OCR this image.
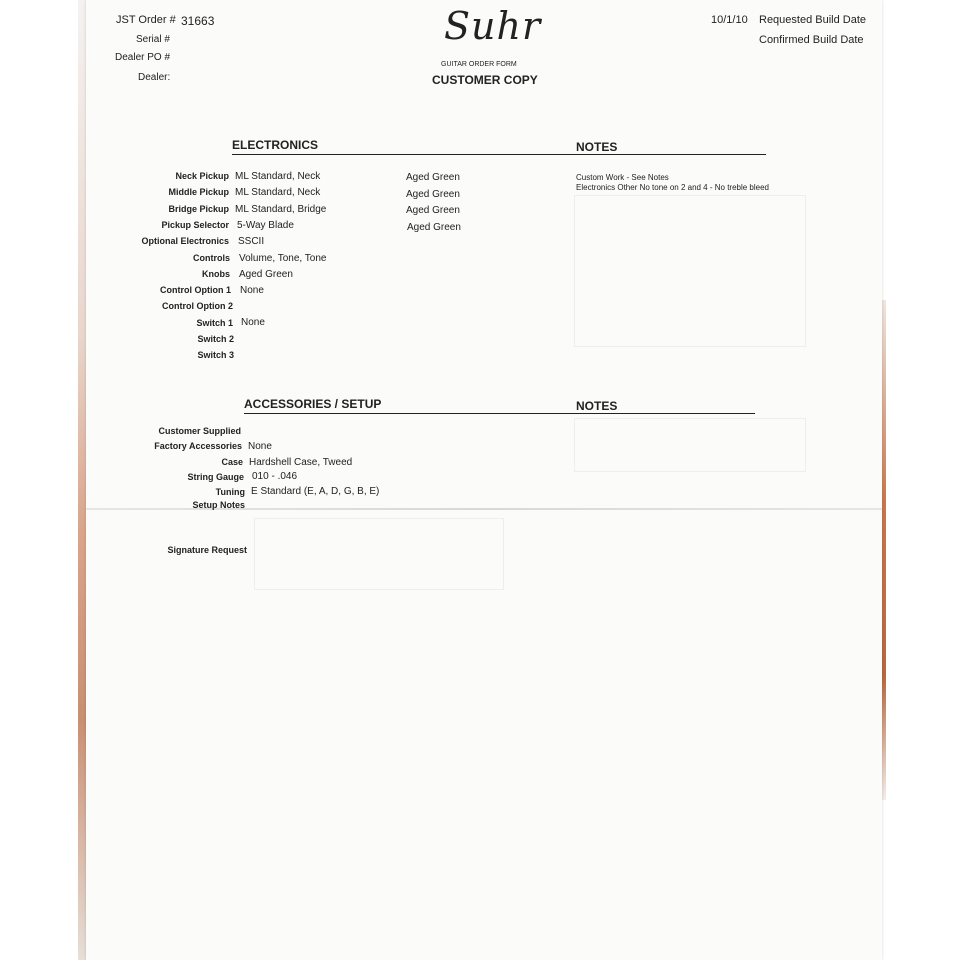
JST Order # 31663
Serial #
Dealer PO #
Dealer:
Suhr
GUITAR ORDER FORM
CUSTOMER COPY
10/1/10 Requested Build Date
Confirmed Build Date
ELECTRONICS	NOTES
Neck Pickup ML Standard, Neck	Aged Green
Middle Pickup ML Standard, Neck	Aged Green
Bridge Pickup ML Standard, Bridge	Aged Green
Pickup Selector 5-Way Blade	Aged Green
Optional Electronics SSCII
Controls Volume, Tone, Tone
Knobs Aged Green
Control Option 1 None
Control Option 2
Switch 1 None
Switch 2
Switch 3
Custom Work - See Notes
Electronics Other No tone on 2 and 4 - No treble bleed
ACCESSORIES / SETUP	NOTES
Customer Supplied
Factory Accessories None
Case Hardshell Case, Tweed
String Gauge 010 - .046
Tuning E Standard (E, A, D, G, B, E)
Setup Notes
Signature Request
